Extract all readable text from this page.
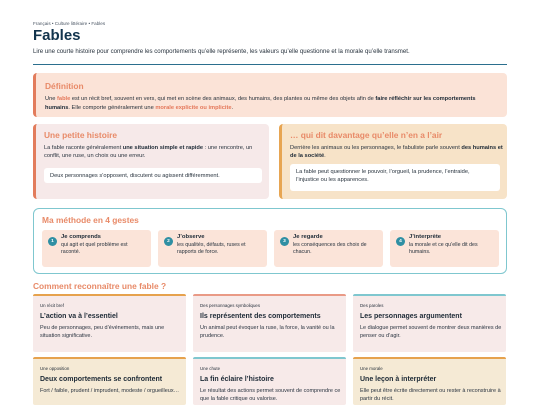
Français • Culture littéraire • Fables
Fables

Lire une courte histoire pour comprendre les comportements qu’elle représente, les valeurs qu’elle questionne et la morale qu’elle transmet.

Définition

Une fable est un récit bref, souvent en vers, qui met en scène des animaux, des humains, des plantes ou même des objets afin de faire réfléchir sur les comportements humains. Elle comporte généralement une morale explicite ou implicite.

Une petite histoire

La fable raconte généralement une situation simple et rapide : une rencontre, un conflit, une ruse, un choix ou une erreur.

Deux personnages s’opposent, discutent ou agissent différemment.
… qui dit davantage qu’elle n’en a l’air

Derrière les animaux ou les personnages, le fabuliste parle souvent des humains et de la société.

La fable peut questionner le pouvoir, l’orgueil, la prudence, l’entraide, l’injustice ou les apparences.
Ma méthode en 4 gestes
1
Je comprends
qui agit et quel problème est raconté.
2
J’observe
les qualités, défauts, ruses et rapports de force.
3
Je regarde
les conséquences des choix de chacun.
4
J’interprète
la morale et ce qu’elle dit des humains.
Comment reconnaître une fable ?
Un récit bref
L’action va à l’essentiel
Peu de personnages, peu d’événements, mais une situation significative.
Des personnages symboliques
Ils représentent des comportements
Un animal peut évoquer la ruse, la force, la vanité ou la prudence.
Des paroles
Les personnages argumentent
Le dialogue permet souvent de montrer deux manières de penser ou d’agir.
Une opposition
Deux comportements se confrontent
Fort / faible, prudent / imprudent, modeste / orgueilleux…
Une chute
La fin éclaire l’histoire
Le résultat des actions permet souvent de comprendre ce que la fable critique ou valorise.
Une morale
Une leçon à interpréter
Elle peut être écrite directement ou rester à reconstruire à partir du récit.
